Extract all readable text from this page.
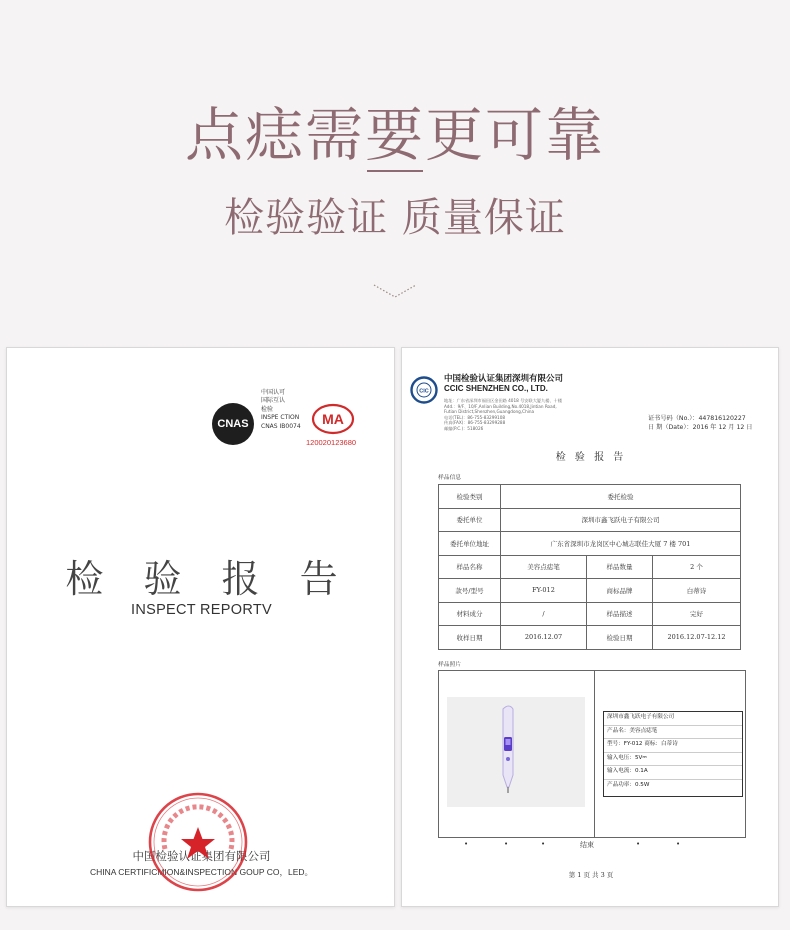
点痣需要更可靠
检验验证 质量保证
CNAS
中国认可
国际互认
检验
INSPE CTION
CNAS IB0074	MA
120020123680
检 验 报 告
INSPECT REPORTV
中国检验认证集团有限公司
CHINA CERTIFICMION&INSPECTION GOUP CO，LED。
CIC
中国检验认证集团深圳有限公司
CCIC SHENZHEN CO., LTD.
地址：广东省深圳市福田区金田路 4018 号安联大厦九楼、十楼
Add.：9/F、10/F,Anlian Building,No.4018,Jintian Road,
Futian District,Shenzhen,Guangdong,China
电话(TEL)：86-755-83299108
传真(FAX)：86-755-83299288
邮编(P.C.)：518026
证书号码（No.）：447816120227
日 期（Date）：2016 年 12 月 12 日
检 验 报 告
样品信息
检验类别	委托检验		
委托单位	深圳市鑫飞跃电子有限公司		
委托单位地址	广东省深圳市龙岗区中心城志联佳大厦 7 楼 701		
样品名称	美容点痣笔	样品数量	2 个
款号/型号	FY-012	商标品牌	白蒂诗
材料成分	/	样品描述	完好
收样日期	2016.12.07	检验日期	2016.12.07-12.12
样品照片
深圳市鑫飞跃电子有限公司
产品名：美容点痣笔
型号：FY-012 商标：白蒂诗
输入电压：5V⎓
输入电流：0.1A
产品功率：0.5W
•	•	•	结束	•	•
第 1 页 共 3 页
